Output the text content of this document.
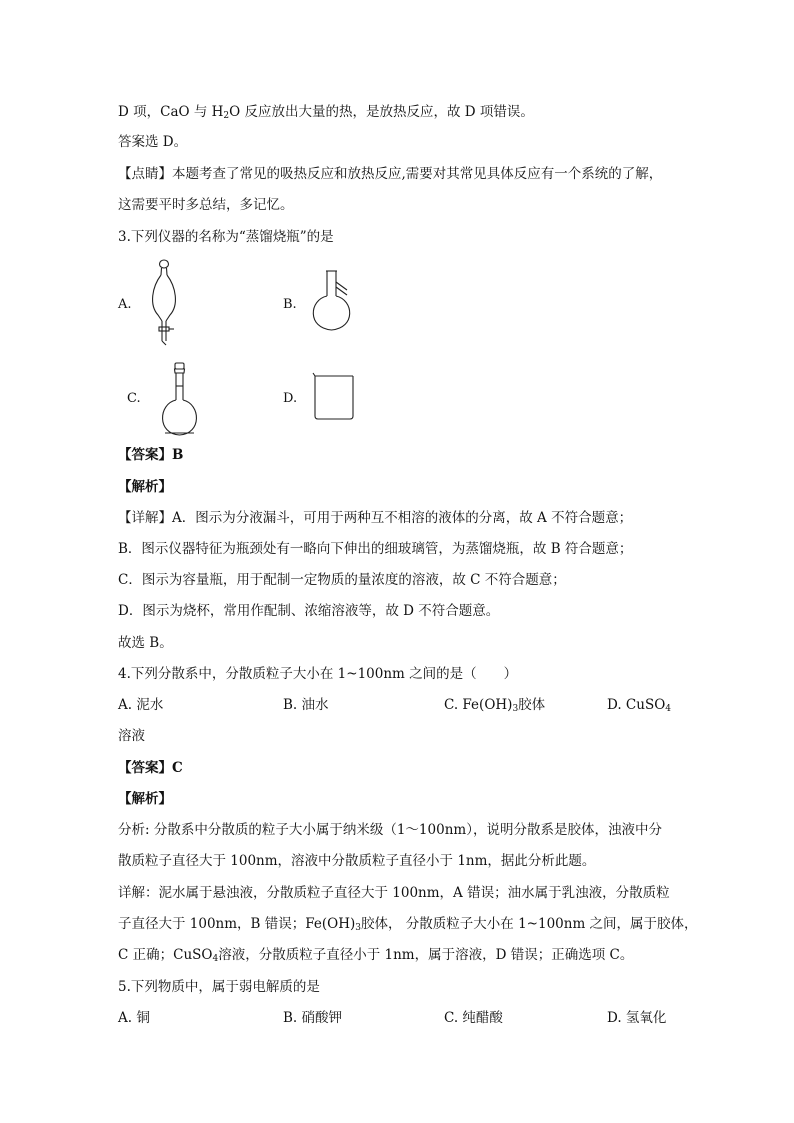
D 项，CaO 与 $H_2O$ 反应放出大量的热，是放热反应，故 D 项错误。
答案选 D。
【点睛】本题考查了常见的吸热反应和放热反应,需要对其常见具体反应有一个系统的了解，
这需要平时多总结，多记忆。
3.下列仪器的名称为“蒸馏烧瓶”的是
A.	B.
C.	D.
【答案】B
【解析】
【详解】A．图示为分液漏斗，可用于两种互不相溶的液体的分离，故 A 不符合题意；
B．图示仪器特征为瓶颈处有一略向下伸出的细玻璃管，为蒸馏烧瓶，故 B 符合题意；
C．图示为容量瓶，用于配制一定物质的量浓度的溶液，故 C 不符合题意；
D．图示为烧杯，常用作配制、浓缩溶液等，故 D 不符合题意。
故选 B。
4.下列分散系中，分散质粒子大小在 1~100nm 之间的是（　　）
A. 泥水	B. 油水	C. $Fe(OH)_3$胶体	D. CuSO$_4$
溶液
【答案】C
【解析】
分析: 分散系中分散质的粒子大小属于纳米级（1～100nm），说明分散系是胶体，浊液中分
散质粒子直径大于 100nm，溶液中分散质粒子直径小于 1nm，据此分析此题。
详解：泥水属于悬浊液，分散质粒子直径大于 100nm，A 错误；油水属于乳浊液，分散质粒
子直径大于 100nm，B 错误；$Fe(OH)_3$胶体， 分散质粒子大小在 1~100nm 之间，属于胶体，
C 正确；CuSO$_4$溶液，分散质粒子直径小于 1nm，属于溶液，D 错误；正确选项 C。
5.下列物质中，属于弱电解质的是
A. 铜	B. 硝酸钾	C. 纯醋酸	D. 氢氧化
